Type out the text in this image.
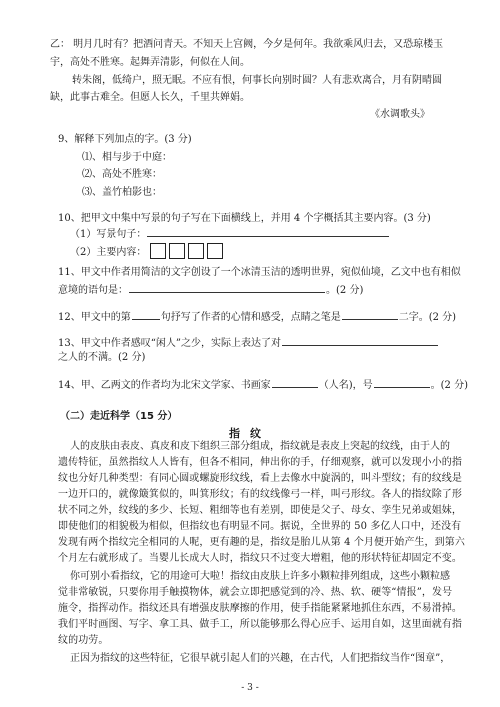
乙： 明月几时有？把酒问青天。不知天上宫阙，今夕是何年。我欲乘风归去，又恐琼楼玉
宇，高处不胜寒。起舞弄清影，何似在人间。
转朱阁，低绮户，照无眠。不应有恨，何事长向别时圆？人有悲欢离合，月有阴晴圆
缺，此事古难全。但愿人长久，千里共婵娟。
《水调歌头》
9、解释下列加点的字。(3 分)
⑴、相与步于中庭：
⑵、高处不胜寒：
⑶、盖竹柏影也：
10、把甲文中集中写景的句子写在下面横线上，并用 4 个字概括其主要内容。(3 分)
（1）写景句子：
（2）主要内容：
11、甲文中作者用简洁的文字创设了一个冰清玉洁的透明世界，宛似仙境，乙文中也有相似
意境的语句是：	。(2 分)
12、甲文中的第	句抒写了作者的心情和感受，点睛之笔是	二字。(2 分)
13、甲文中作者感叹“闲人”之少，实际上表达了对
之人的不满。(2 分)
14、甲、乙两文的作者均为北宋文学家、书画家	（人名)，号	。(2 分)
（二）走近科学（15 分）
指纹
人的皮肤由表皮、真皮和皮下组织三部分组成，指纹就是表皮上突起的纹线，由于人的
遗传特征，虽然指纹人人皆有，但各不相同，伸出你的手，仔细观察，就可以发现小小的指
纹也分好几种类型：有同心圆或螺旋形纹线，看上去像水中旋涡的，叫斗型纹；有的纹线是
一边开口的，就像簸箕似的，叫箕形纹；有的纹线像弓一样，叫弓形纹。各人的指纹除了形
状不同之外，纹线的多少、长短、粗细等也有差别，即使是父子、母女、孪生兄弟或姐妹，
即使他们的相貌极为相似，但指纹也有明显不同。据说，全世界的 50 多亿人口中，还没有
发现有两个指纹完全相同的人呢，更有趣的是，指纹是胎儿从第 4 个月便开始产生，到第六
个月左右就形成了。当婴儿长成大人时，指纹只不过变大增粗，他的形状特征却固定不变。
你可别小看指纹，它的用途可大啦！指纹由皮肤上许多小颗粒排列组成，这些小颗粒感
觉非常敏锐，只要你用手触摸物体，就会立即把感觉到的冷、热、软、硬等“情报”，发号
施令，指挥动作。指纹还具有增强皮肤摩擦的作用，使手指能紧紧地抓住东西，不易滑掉。
我们平时画图、写字、拿工具、做手工，所以能够那么得心应手、运用自如，这里面就有指
纹的功劳。
正因为指纹的这些特征，它很早就引起人们的兴趣，在古代，人们把指纹当作“图章”，
- 3 -
